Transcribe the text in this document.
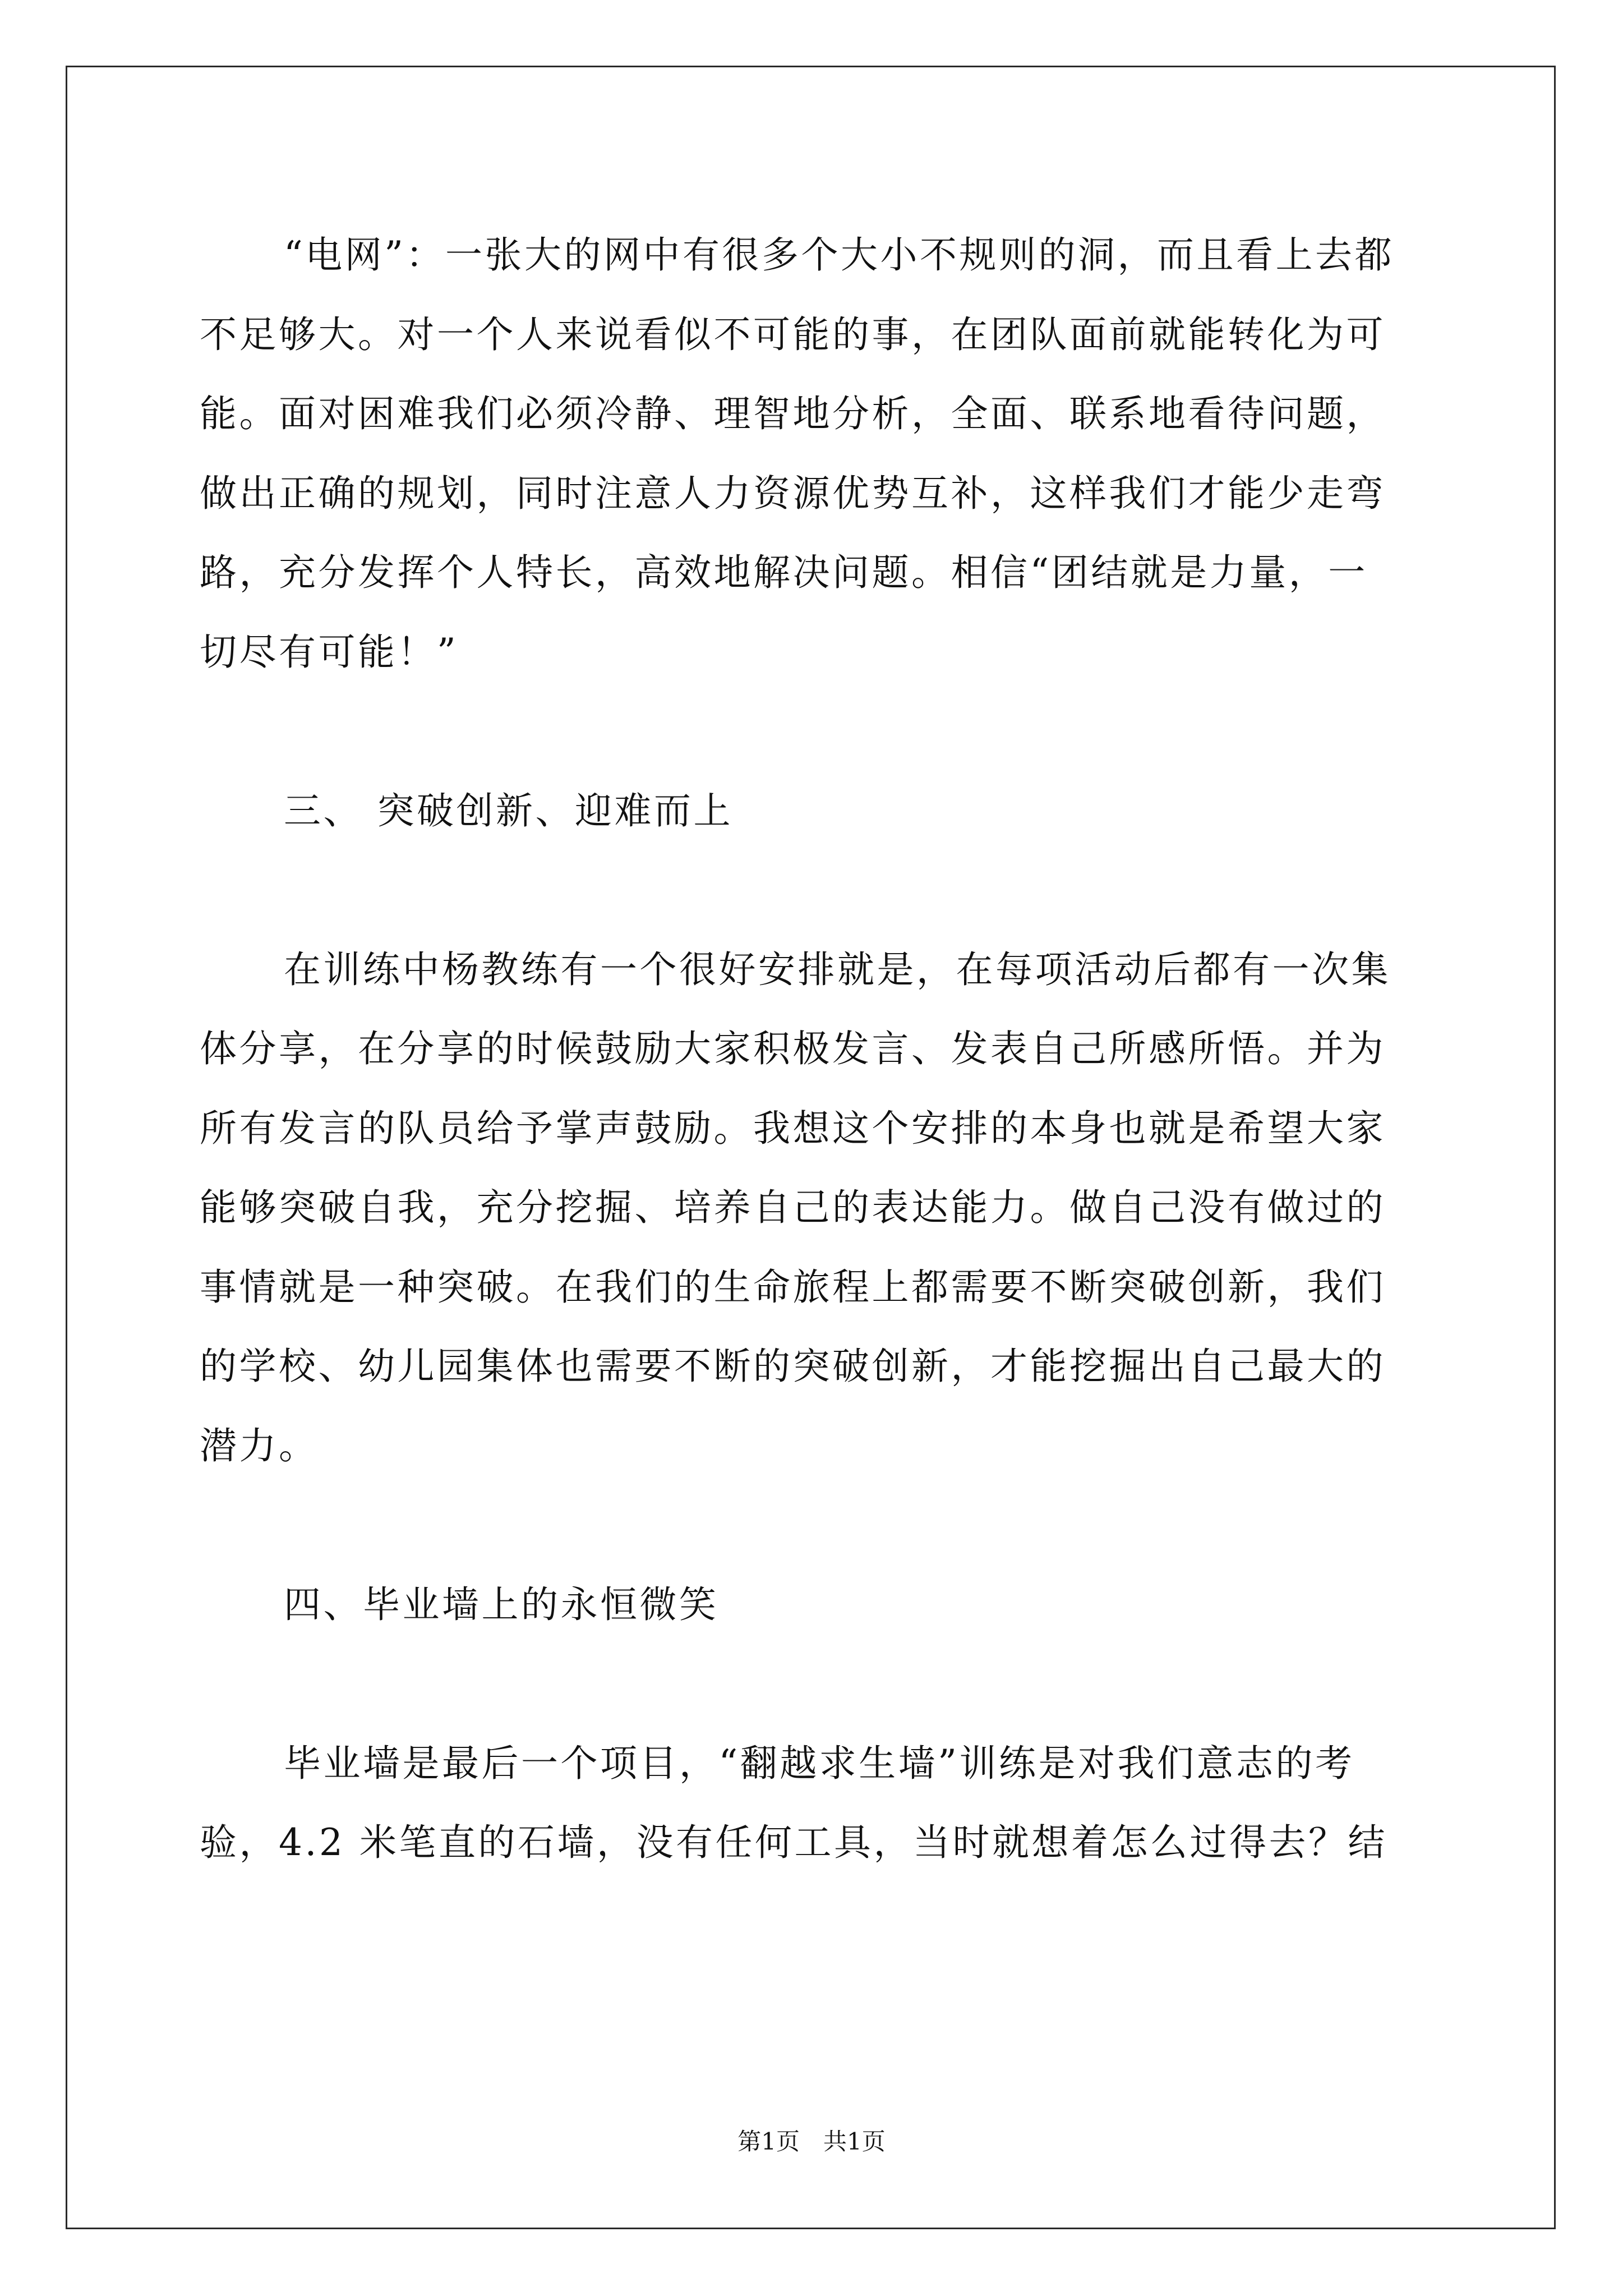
“电网”：一张大的网中有很多个大小不规则的洞，而且看上去都
不足够大。对一个人来说看似不可能的事，在团队面前就能转化为可
能。面对困难我们必须冷静、理智地分析，全面、联系地看待问题，
做出正确的规划，同时注意人力资源优势互补，这样我们才能少走弯
路，充分发挥个人特长，高效地解决问题。相信“团结就是力量，一
切尽有可能！”

三、 突破创新、迎难而上

在训练中杨教练有一个很好安排就是，在每项活动后都有一次集
体分享，在分享的时候鼓励大家积极发言、发表自己所感所悟。并为
所有发言的队员给予掌声鼓励。我想这个安排的本身也就是希望大家
能够突破自我，充分挖掘、培养自己的表达能力。做自己没有做过的
事情就是一种突破。在我们的生命旅程上都需要不断突破创新，我们
的学校、幼儿园集体也需要不断的突破创新，才能挖掘出自己最大的
潜力。

四、毕业墙上的永恒微笑

毕业墙是最后一个项目，“翻越求生墙”训练是对我们意志的考
验，4.2 米笔直的石墙，没有任何工具，当时就想着怎么过得去？结

第1页　共1页
